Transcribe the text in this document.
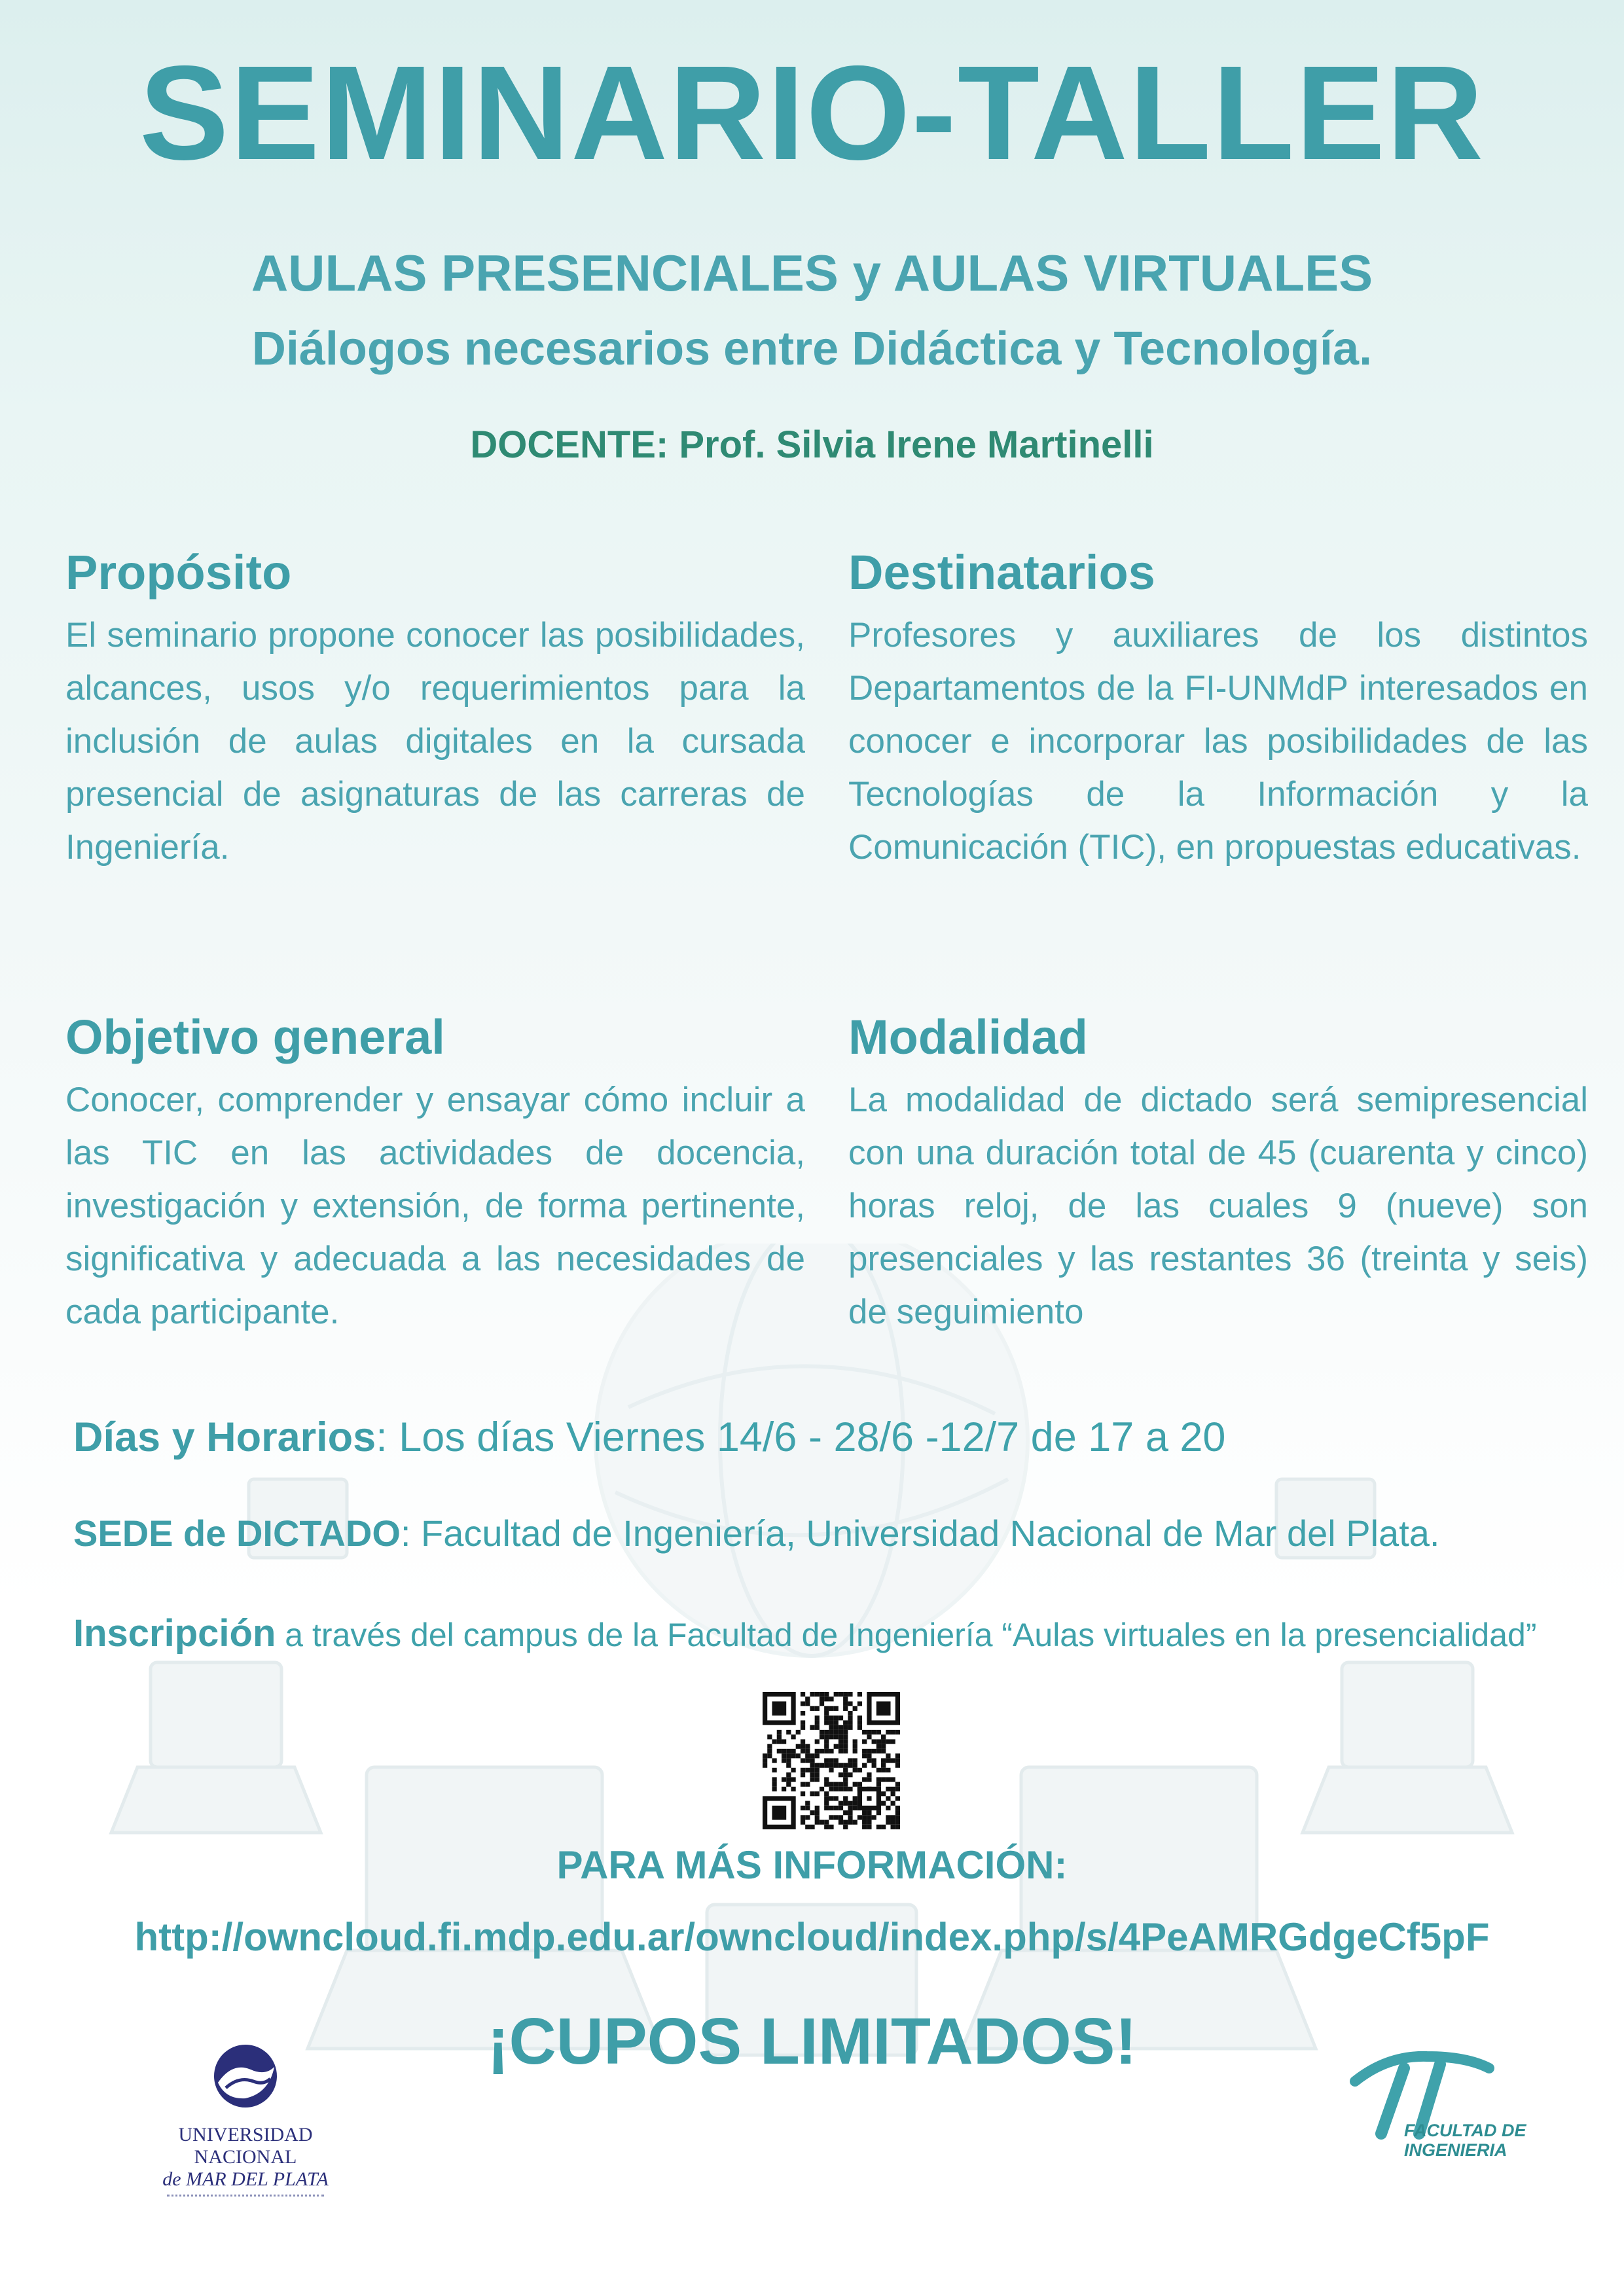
SEMINARIO-TALLER
AULAS PRESENCIALES y AULAS VIRTUALES
Diálogos necesarios entre Didáctica y Tecnología.
DOCENTE: Prof. Silvia Irene Martinelli
Propósito

El seminario propone conocer las posibilidades, alcances, usos y/o requerimientos para la inclusión de aulas digitales en la cursada presencial de asignaturas de las carreras de Ingeniería.

Destinatarios

Profesores y auxiliares de los distintos Departamentos de la FI-UNMdP interesados en conocer e incorporar las posibilidades de las Tecnologías de la Información y la Comunicación (TIC), en propuestas educativas.

Objetivo general

Conocer, comprender y ensayar cómo incluir a las TIC en las actividades de docencia, investigación y extensión, de forma pertinente, significativa y adecuada a las necesidades de cada participante.

Modalidad

La modalidad de dictado será semipresencial con una duración total de 45 (cuarenta y cinco) horas reloj, de las cuales 9 (nueve) son presenciales y las restantes 36 (treinta y seis) de seguimiento

Días y Horarios: Los días Viernes 14/6 - 28/6 -12/7 de 17 a 20
SEDE de DICTADO: Facultad de Ingeniería, Universidad Nacional de Mar del Plata.
Inscripción a través del campus de la Facultad de Ingeniería “Aulas virtuales en la presencialidad”
PARA MÁS INFORMACIÓN:
http://owncloud.fi.mdp.edu.ar/owncloud/index.php/s/4PeAMRGdgeCf5pF
¡CUPOS LIMITADOS!
UNIVERSIDAD NACIONAL
de MAR DEL PLATA
FACULTAD DE
INGENIERIA
